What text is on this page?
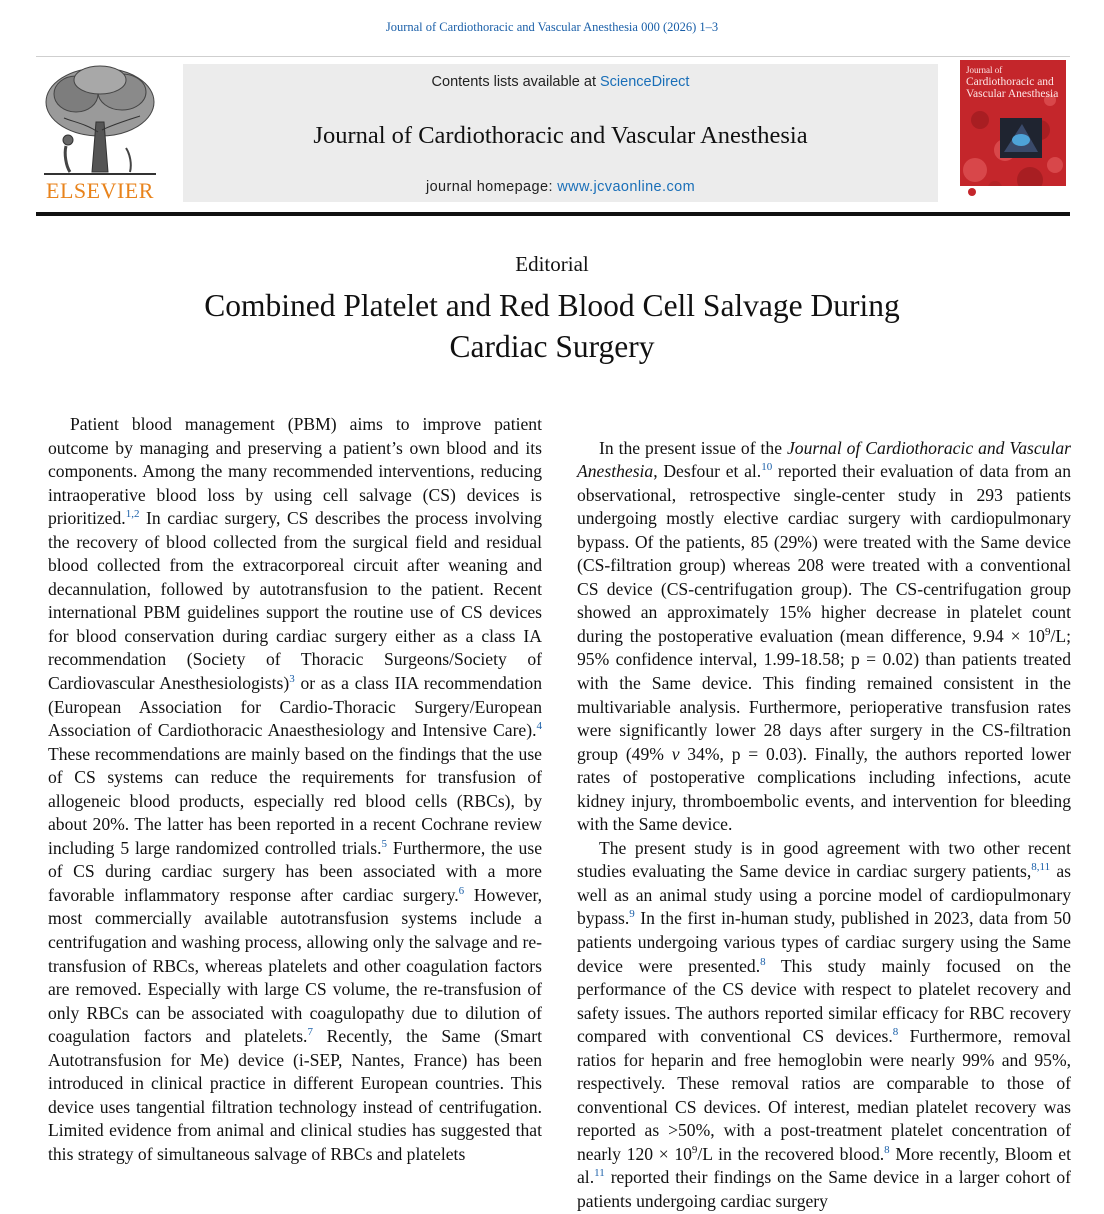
Journal of Cardiothoracic and Vascular Anesthesia 000 (2026) 1–3
ELSEVIER
Contents lists available at ScienceDirect
Journal of Cardiothoracic and Vascular Anesthesia
journal homepage: www.jcvaonline.com
Journal of
Cardiothoracic and
Vascular Anesthesia
Editorial
Combined Platelet and Red Blood Cell Salvage During
Cardiac Surgery

Patient blood management (PBM) aims to improve patient outcome by managing and preserving a patient’s own blood and its components. Among the many recommended interventions, reducing intraoperative blood loss by using cell salvage (CS) devices is prioritized.$^{1,2}$ In cardiac surgery, CS describes the process involving the recovery of blood collected from the surgical field and residual blood collected from the extracorporeal circuit after weaning and decannulation, followed by autotransfusion to the patient. Recent international PBM guidelines support the routine use of CS devices for blood conservation during cardiac surgery either as a class IA recommendation (Society of Thoracic Surgeons/Society of Cardiovascular Anesthesiologists)$^3$ or as a class IIA recommendation (European Association for Cardio-Thoracic Surgery/European Association of Cardiothoracic Anaesthesiology and Intensive Care).$^4$ These recommendations are mainly based on the findings that the use of CS systems can reduce the requirements for transfusion of allogeneic blood products, especially red blood cells (RBCs), by about 20%. The latter has been reported in a recent Cochrane review including 5 large randomized controlled trials.$^5$ Furthermore, the use of CS during cardiac surgery has been associated with a more favorable inflammatory response after cardiac surgery.$^6$ However, most commercially available autotransfusion systems include a centrifugation and washing process, allowing only the salvage and re-transfusion of RBCs, whereas platelets and other coagulation factors are removed. Especially with large CS volume, the re-transfusion of only RBCs can be associated with coagulopathy due to dilution of coagulation factors and platelets.$^7$ Recently, the Same (Smart Autotransfusion for Me) device (i-SEP, Nantes, France) has been introduced in clinical practice in different European countries. This device uses tangential filtration technology instead of centrifugation. Limited evidence from animal and clinical studies has suggested that this strategy of simultaneous salvage of RBCs and platelets

In the present issue of the Journal of Cardiothoracic and Vascular Anesthesia, Desfour et al.$^{10}$ reported their evaluation of data from an observational, retrospective single-center study in 293 patients undergoing mostly elective cardiac surgery with cardiopulmonary bypass. Of the patients, 85 (29%) were treated with the Same device (CS-filtration group) whereas 208 were treated with a conventional CS device (CS-centrifugation group). The CS-centrifugation group showed an approximately 15% higher decrease in platelet count during the postoperative evaluation (mean difference, $9.94 \times 10^9/L$; 95% confidence interval, 1.99-18.58; p = 0.02) than patients treated with the Same device. This finding remained consistent in the multivariable analysis. Furthermore, perioperative transfusion rates were significantly lower 28 days after surgery in the CS-filtration group (49% v 34%, p = 0.03). Finally, the authors reported lower rates of postoperative complications including infections, acute kidney injury, thromboembolic events, and intervention for bleeding with the Same device.

The present study is in good agreement with two other recent studies evaluating the Same device in cardiac surgery patients,$^{8,11}$ as well as an animal study using a porcine model of cardiopulmonary bypass.$^9$ In the first in-human study, published in 2023, data from 50 patients undergoing various types of cardiac surgery using the Same device were presented.$^8$ This study mainly focused on the performance of the CS device with respect to platelet recovery and safety issues. The authors reported similar efficacy for RBC recovery compared with conventional CS devices.$^8$ Furthermore, removal ratios for heparin and free hemoglobin were nearly 99% and 95%, respectively. These removal ratios are comparable to those of conventional CS devices. Of interest, median platelet recovery was reported as >50%, with a post-treatment platelet concentration of nearly $120 \times 10^9/L$ in the recovered blood.$^8$ More recently, Bloom et al.$^{11}$ reported their findings on the Same device in a larger cohort of patients undergoing cardiac surgery
